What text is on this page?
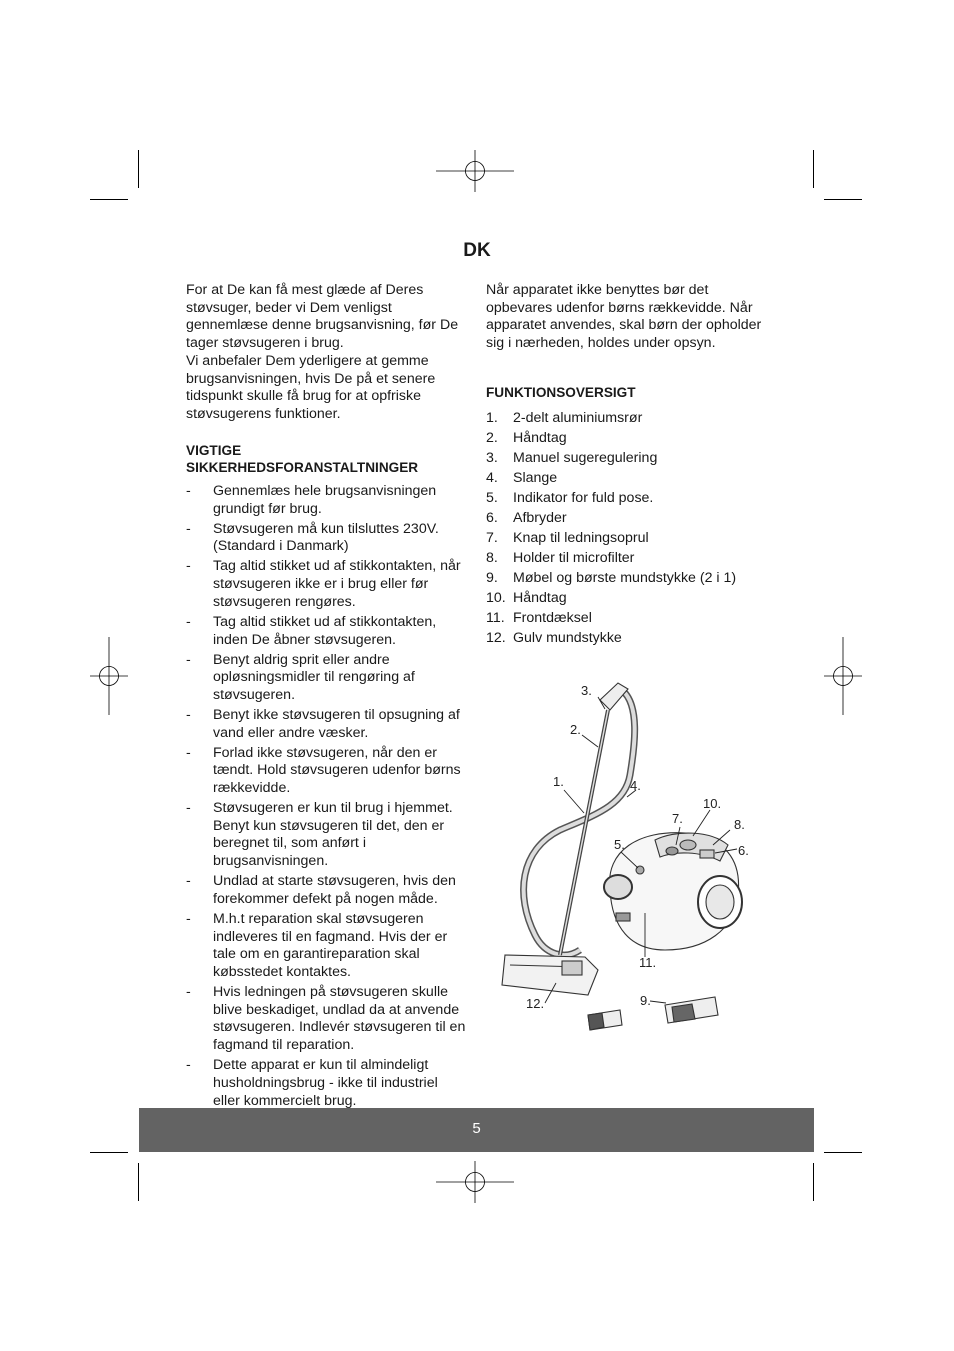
DK

For at De kan få mest glæde af Deres støvsuger, beder vi Dem venligst gennemlæse denne brugsanvisning, før De tager støvsugeren i brug.

Vi anbefaler Dem yderligere at gemme brugsanvisningen, hvis De på et senere tidspunkt skulle få brug for at opfriske støvsugerens funktioner.

VIGTIGE SIKKERHEDSFORANSTALTNINGER

- Gennemlæs hele brugsanvisningen grundigt før brug.
- Støvsugeren må kun tilsluttes 230V. (Standard i Danmark)
- Tag altid stikket ud af stikkontakten, når støvsugeren ikke er i brug eller før støvsugeren rengøres.
- Tag altid stikket ud af stikkontakten, inden De åbner støvsugeren.
- Benyt aldrig sprit eller andre opløsningsmidler til rengøring af støvsugeren.
- Benyt ikke støvsugeren til opsugning af vand eller andre væsker.
- Forlad ikke støvsugeren, når den er tændt. Hold støvsugeren udenfor børns rækkevidde.
- Støvsugeren er kun til brug i hjemmet. Benyt kun støvsugeren til det, den er beregnet til, som anført i brugsanvisningen.
- Undlad at starte støvsugeren, hvis den forekommer defekt på nogen måde.
- M.h.t reparation skal støvsugeren indleveres til en fagmand. Hvis der er tale om en garantireparation skal købsstedet kontaktes.
- Hvis ledningen på støvsugeren skulle blive beskadiget, undlad da at anvende støvsugeren. Indlevér støvsugeren til en fagmand til reparation.
- Dette apparat er kun til almindeligt husholdningsbrug - ikke til industriel eller kommercielt brug.

Når apparatet ikke benyttes bør det opbevares udenfor børns rækkevidde. Når apparatet anvendes, skal børn der opholder sig i nærheden, holdes under opsyn.

FUNKTIONSOVERSIGT

1. 2-delt aluminiumsrør
2. Håndtag
3. Manuel sugeregulering
4. Slange
5. Indikator for fuld pose.
6. Afbryder
7. Knap til ledningsoprul
8. Holder til microfilter
9. Møbel og børste mundstykke (2 i 1)
10. Håndtag
11. Frontdæksel
12. Gulv mundstykke
3.
2.
1.	4.
5.	6.
7.	8.
9.
10.
11.
12.
5
